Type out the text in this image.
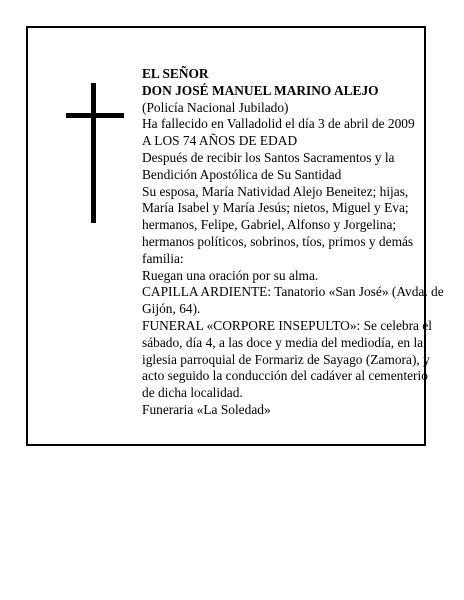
EL SEÑOR

DON JOSÉ MANUEL MARINO ALEJO

(Policía Nacional Jubilado)

Ha fallecido en Valladolid el día 3 de abril de 2009

A LOS 74 AÑOS DE EDAD

Después de recibir los Santos Sacramentos y la

Bendición Apostólica de Su Santidad

Su esposa, María Natividad Alejo Beneitez; hijas,

María Isabel y María Jesús; nietos, Miguel y Eva;

hermanos, Felipe, Gabriel, Alfonso y Jorgelina;

hermanos políticos, sobrinos, tíos, primos y demás

familia:

Ruegan una oración por su alma.

CAPILLA ARDIENTE: Tanatorio «San José» (Avda. de

Gijón, 64).

FUNERAL «CORPORE INSEPULTO»: Se celebra el

sábado, día 4, a las doce y media del mediodía, en la

iglesia parroquial de Formariz de Sayago (Zamora), y

acto seguido la conducción del cadáver al cementerio

de dicha localidad.

Funeraria «La Soledad»
